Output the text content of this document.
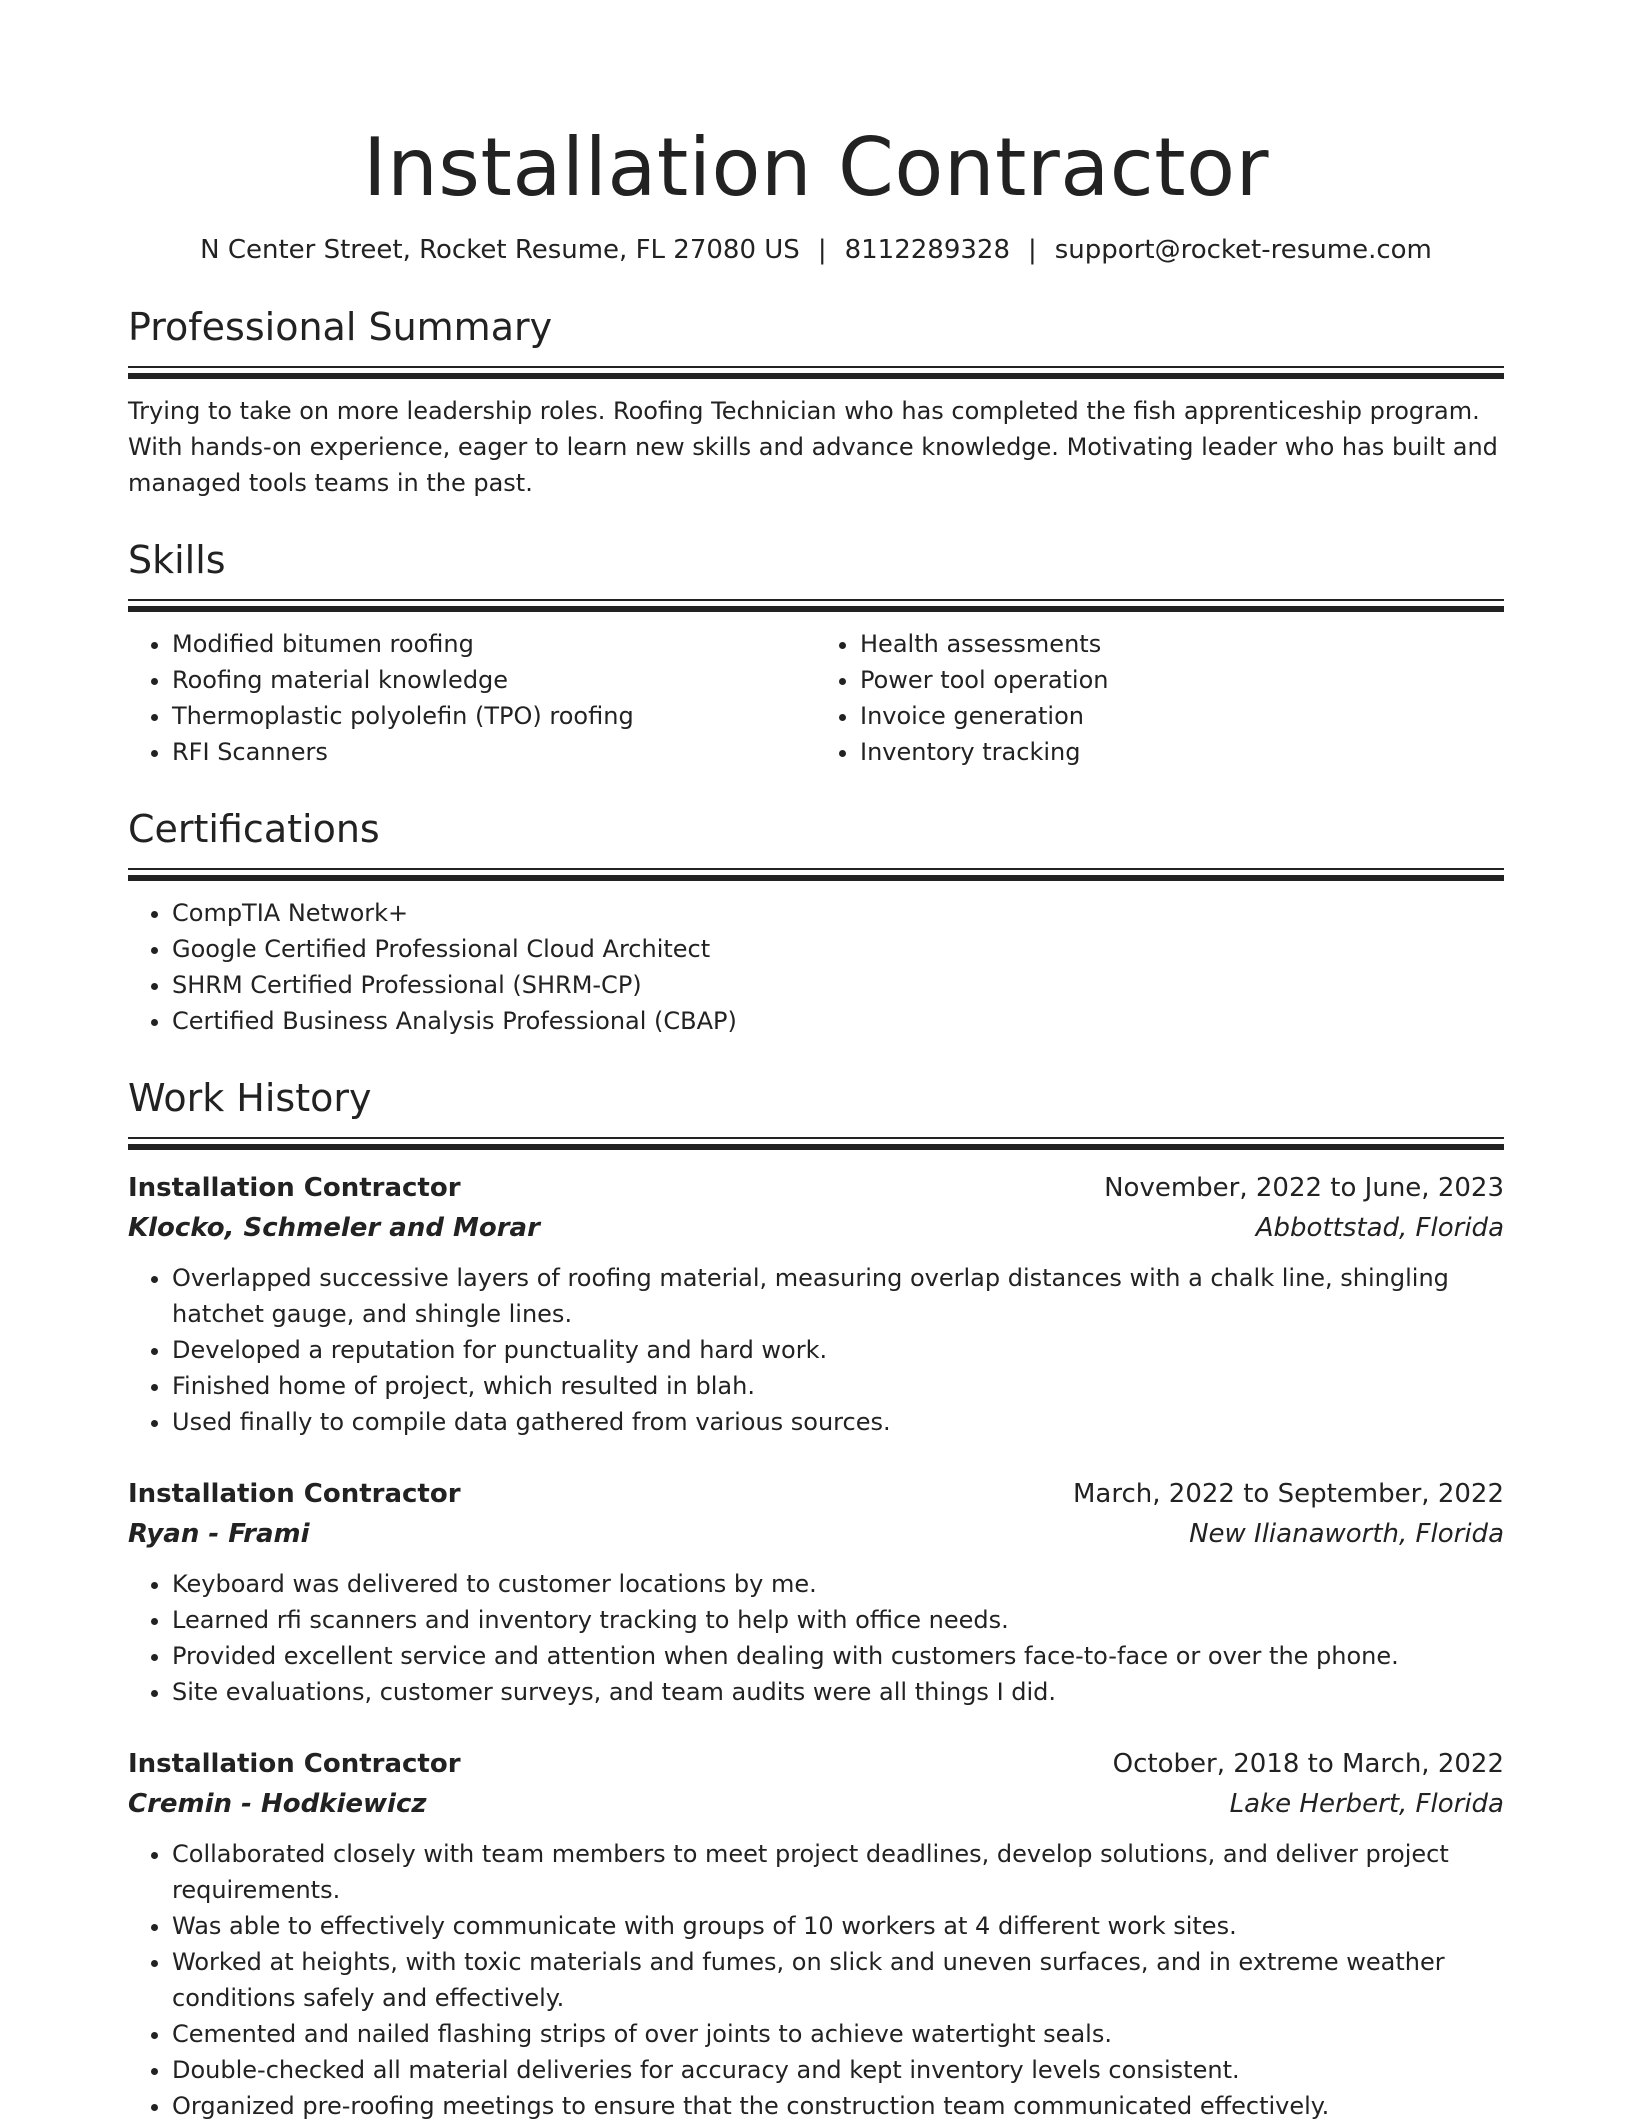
Installation Contractor
N Center Street, Rocket Resume, FL 27080 US | 8112289328 | support@rocket-resume.com
Professional Summary

Trying to take on more leadership roles. Roofing Technician who has completed the fish apprenticeship program. With hands-on experience, eager to learn new skills and advance knowledge. Motivating leader who has built and managed tools teams in the past.

Skills
• Modified bitumen roofing
• Roofing material knowledge
• Thermoplastic polyolefin (TPO) roofing
• RFI Scanners
• Health assessments
• Power tool operation
• Invoice generation
• Inventory tracking
Certifications
• CompTIA Network+
• Google Certified Professional Cloud Architect
• SHRM Certified Professional (SHRM-CP)
• Certified Business Analysis Professional (CBAP)
Work History
Installation Contractor	November, 2022 to June, 2023
Klocko, Schmeler and Morar	Abbottstad, Florida
• Overlapped successive layers of roofing material, measuring overlap distances with a chalk line, shingling hatchet gauge, and shingle lines.
• Developed a reputation for punctuality and hard work.
• Finished home of project, which resulted in blah.
• Used finally to compile data gathered from various sources.
Installation Contractor	March, 2022 to September, 2022
Ryan - Frami	New Ilianaworth, Florida
• Keyboard was delivered to customer locations by me.
• Learned rfi scanners and inventory tracking to help with office needs.
• Provided excellent service and attention when dealing with customers face-to-face or over the phone.
• Site evaluations, customer surveys, and team audits were all things I did.
Installation Contractor	October, 2018 to March, 2022
Cremin - Hodkiewicz	Lake Herbert, Florida
• Collaborated closely with team members to meet project deadlines, develop solutions, and deliver project requirements.
• Was able to effectively communicate with groups of 10 workers at 4 different work sites.
• Worked at heights, with toxic materials and fumes, on slick and uneven surfaces, and in extreme weather conditions safely and effectively.
• Cemented and nailed flashing strips of over joints to achieve watertight seals.
• Double-checked all material deliveries for accuracy and kept inventory levels consistent.
• Organized pre-roofing meetings to ensure that the construction team communicated effectively.
